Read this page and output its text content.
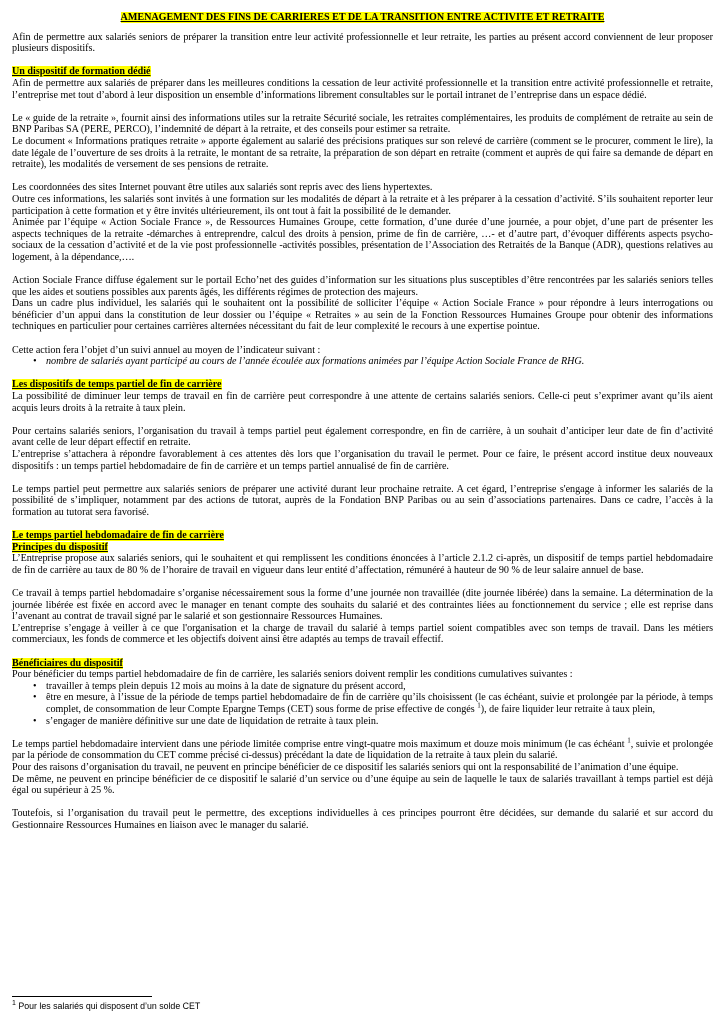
AMENAGEMENT DES FINS DE CARRIERES ET DE LA TRANSITION ENTRE ACTIVITE ET RETRAITE

Afin de permettre aux salariés seniors de préparer la transition entre leur activité professionnelle et leur retraite, les parties au présent accord conviennent de leur proposer plusieurs dispositifs.

Un dispositif de formation dédié

Afin de permettre aux salariés de préparer dans les meilleures conditions la cessation de leur activité professionnelle et la transition entre activité professionnelle et retraite, l’entreprise met tout d’abord à leur disposition un ensemble d’informations librement consultables sur le portail intranet de l’entreprise dans un espace dédié.

Le « guide de la retraite », fournit ainsi des informations utiles sur la retraite Sécurité sociale, les retraites complémentaires, les produits de complément de retraite au sein de BNP Paribas SA (PERE, PERCO), l’indemnité de départ à la retraite, et des conseils pour estimer sa retraite.

Le document « Informations pratiques retraite » apporte également au salarié des précisions pratiques sur son relevé de carrière (comment se le procurer, comment le lire), la date légale de l’ouverture de ses droits à la retraite, le montant de sa retraite, la préparation de son départ en retraite (comment et auprès de qui faire sa demande de départ en retraite), les modalités de versement de ses pensions de retraite.

Les coordonnées des sites Internet pouvant être utiles aux salariés sont repris avec des liens hypertextes.

Outre ces informations, les salariés sont invités à une formation sur les modalités de départ à la retraite et à les préparer à la cessation d’activité. S’ils souhaitent reporter leur participation à cette formation et y être invités ultérieurement, ils ont tout à fait la possibilité de le demander.

Animée par l’équipe « Action Sociale France », de Ressources Humaines Groupe, cette formation, d’une durée d’une journée, a pour objet, d’une part de présenter les aspects techniques de la retraite -démarches à entreprendre, calcul des droits à pension, prime de fin de carrière, …- et d’autre part, d’évoquer différents aspects psycho-sociaux de la cessation d’activité et de la vie post professionnelle -activités possibles, présentation de l’Association des Retraités de la Banque (ADR), questions relatives au logement, à la dépendance,….

Action Sociale France diffuse également sur le portail Echo’net des guides d’information sur les situations plus susceptibles d’être rencontrées par les salariés seniors telles que les aides et soutiens possibles aux parents âgés, les différents régimes de protection des majeurs.

Dans un cadre plus individuel, les salariés qui le souhaitent ont la possibilité de solliciter l’équipe « Action Sociale France » pour répondre à leurs interrogations ou bénéficier d’un appui dans la constitution de leur dossier ou l’équipe « Retraites » au sein de la Fonction Ressources Humaines Groupe pour obtenir des informations techniques en particulier pour certaines carrières alternées nécessitant du fait de leur complexité le recours à une expertise pointue.

Cette action fera l’objet d’un suivi annuel au moyen de l’indicateur suivant :

• nombre de salariés ayant participé au cours de l’année écoulée aux formations animées par l’équipe Action Sociale France de RHG.

Les dispositifs de temps partiel de fin de carrière

La possibilité de diminuer leur temps de travail en fin de carrière peut correspondre à une attente de certains salariés seniors. Celle-ci peut s’exprimer avant qu’ils aient acquis leurs droits à la retraite à taux plein.

Pour certains salariés seniors, l’organisation du travail à temps partiel peut également correspondre, en fin de carrière, à un souhait d’anticiper leur date de fin d’activité avant celle de leur départ effectif en retraite.

L’entreprise s’attachera à répondre favorablement à ces attentes dès lors que l’organisation du travail le permet. Pour ce faire, le présent accord institue deux nouveaux dispositifs : un temps partiel hebdomadaire de fin de carrière et un temps partiel annualisé de fin de carrière.

Le temps partiel peut permettre aux salariés seniors de préparer une activité durant leur prochaine retraite. A cet égard, l’entreprise s'engage à informer les salariés de la possibilité de s’impliquer, notamment par des actions de tutorat, auprès de la Fondation BNP Paribas ou au sein d’associations partenaires. Dans ce cadre, l’accès à la formation au tutorat sera favorisé.

Le temps partiel hebdomadaire de fin de carrière

Principes du dispositif

L’Entreprise propose aux salariés seniors, qui le souhaitent et qui remplissent les conditions énoncées à l’article 2.1.2 ci-après, un dispositif de temps partiel hebdomadaire de fin de carrière au taux de 80 % de l’horaire de travail en vigueur dans leur entité d’affectation, rémunéré à hauteur de 90 % de leur salaire annuel de base.

Ce travail à temps partiel hebdomadaire s’organise nécessairement sous la forme d’une journée non travaillée (dite journée libérée) dans la semaine. La détermination de la journée libérée est fixée en accord avec le manager en tenant compte des souhaits du salarié et des contraintes liées au fonctionnement du service ; elle est reprise dans l’avenant au contrat de travail signé par le salarié et son gestionnaire Ressources Humaines.

L’entreprise s’engage à veiller à ce que l'organisation et la charge de travail du salarié à temps partiel soient compatibles avec son temps de travail. Dans les métiers commerciaux, les fonds de commerce et les objectifs doivent ainsi être adaptés au temps de travail effectif.

Bénéficiaires du dispositif

Pour bénéficier du temps partiel hebdomadaire de fin de carrière, les salariés seniors doivent remplir les conditions cumulatives suivantes :

• travailler à temps plein depuis 12 mois au moins à la date de signature du présent accord,
• être en mesure, à l’issue de la période de temps partiel hebdomadaire de fin de carrière qu’ils choisissent (le cas échéant, suivie et prolongée par la période, à temps complet, de consommation de leur Compte Epargne Temps (CET) sous forme de prise effective de congés $^1$), de faire liquider leur retraite à taux plein,
• s’engager de manière définitive sur une date de liquidation de retraite à taux plein.

Le temps partiel hebdomadaire intervient dans une période limitée comprise entre vingt-quatre mois maximum et douze mois minimum (le cas échéant $^1$, suivie et prolongée par la période de consommation du CET comme précisé ci-dessus) précédant la date de liquidation de la retraite à taux plein du salarié.

Pour des raisons d’organisation du travail, ne peuvent en principe bénéficier de ce dispositif les salariés seniors qui ont la responsabilité de l’animation d’une équipe.

De même, ne peuvent en principe bénéficier de ce dispositif le salarié d’un service ou d’une équipe au sein de laquelle le taux de salariés travaillant à temps partiel est déjà égal ou supérieur à 25 %.

Toutefois, si l’organisation du travail peut le permettre, des exceptions individuelles à ces principes pourront être décidées, sur demande du salarié et sur accord du Gestionnaire Ressources Humaines en liaison avec le manager du salarié.

$^1$ Pour les salariés qui disposent d’un solde CET
